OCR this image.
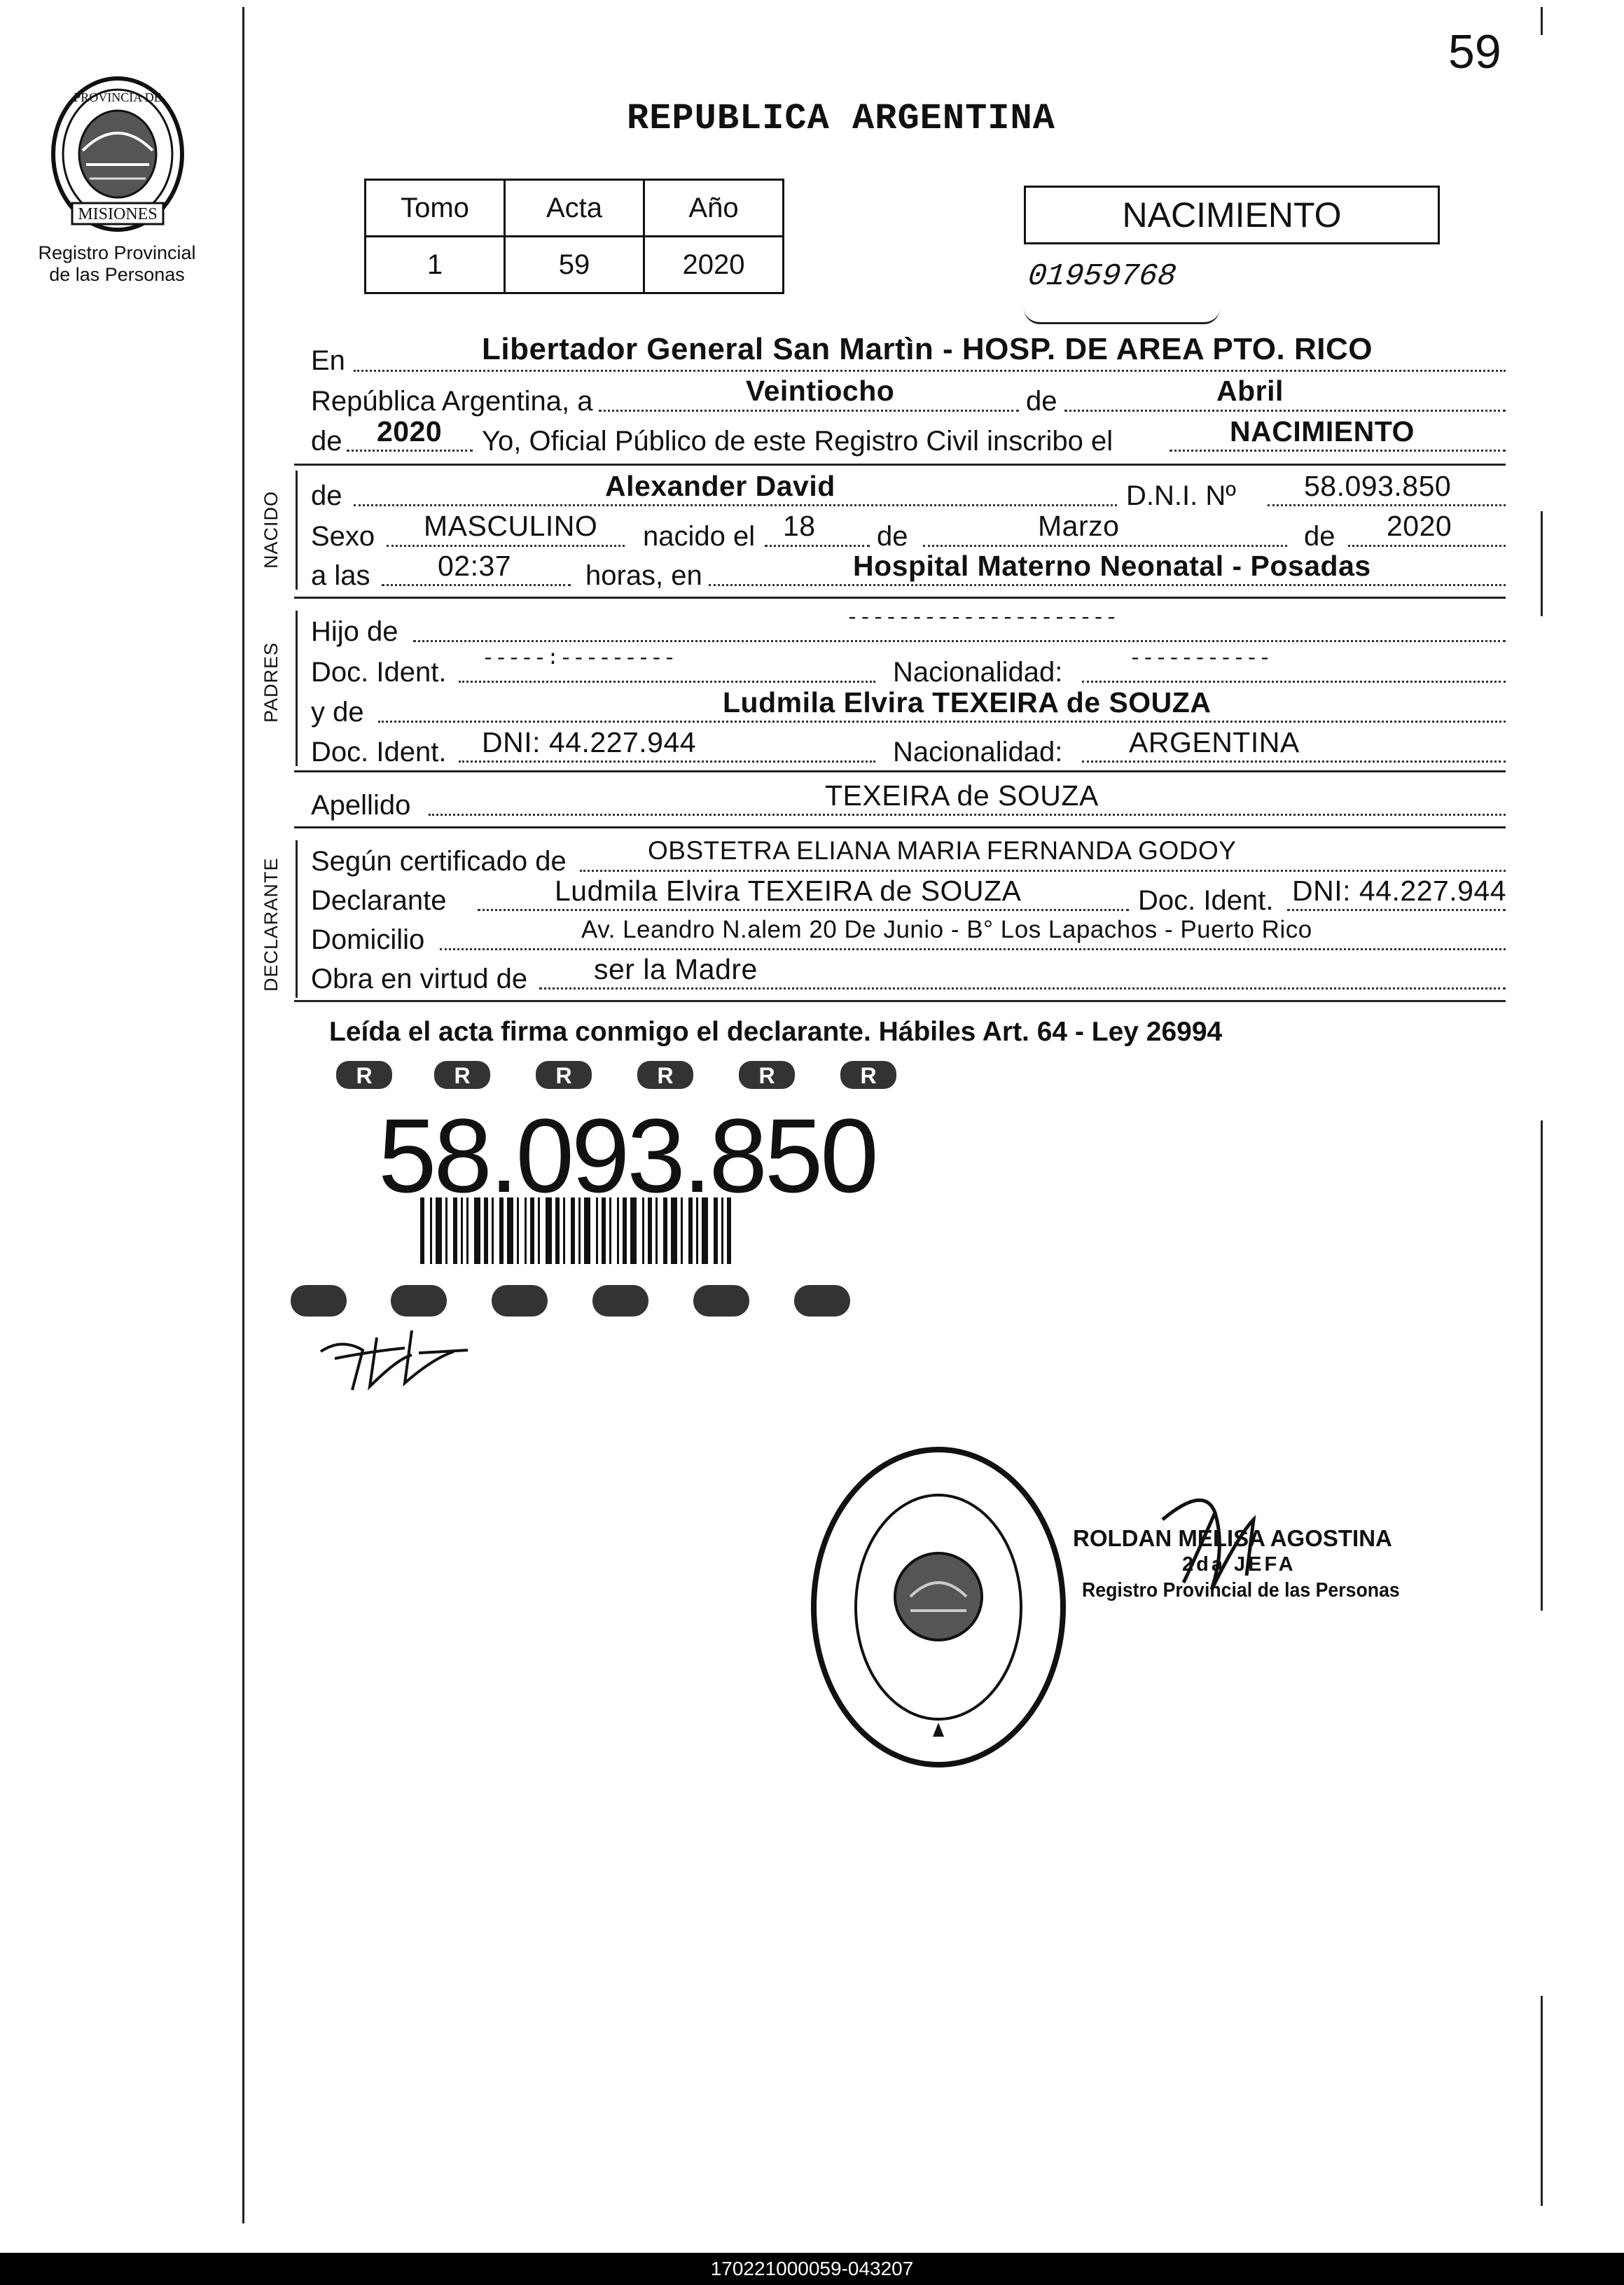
59
MISIONES
PROVINCIA DE
Registro Provincial
de las Personas
REPUBLICA ARGENTINA
Tomo	Acta	Año
1	59	2020
NACIMIENTO
01959768
En	Libertador General San Martìn - HOSP. DE AREA PTO. RICO
República Argentina, a	Veintiocho	de	Abril
de 2020 Yo, Oficial Público de este Registro Civil inscribo el	NACIMIENTO
NACIDO de	Alexander David	D.N.I. Nº 58.093.850
Sexo MASCULINO nacido el 18 de	Marzo	de 2020
a las 02:37	horas, en	Hospital Materno Neonatal - Posadas
PADRES
Hijo de	---------------------
Doc. Ident. -----:---------	Nacionalidad:	-----------
y de	Ludmila Elvira TEXEIRA de SOUZA
Doc. Ident. DNI: 44.227.944	Nacionalidad: ARGENTINA
Apellido	TEXEIRA de SOUZA
DECLARANTE Según certificado de	OBSTETRA ELIANA MARIA FERNANDA GODOY
Declarante	Ludmila Elvira TEXEIRA de SOUZA	Doc. Ident. DNI: 44.227.944
Domicilio	Av. Leandro N.alem 20 De Junio - B° Los Lapachos - Puerto Rico
Obra en virtud de ser la Madre
Leída el acta firma conmigo el declarante. Hábiles Art. 64 - Ley 26994
R	R	R	R	R	R
58.093.850
ROLDAN MELISA AGOSTINA
2da JEFA
Registro Provincial de las Personas
170221000059-043207
